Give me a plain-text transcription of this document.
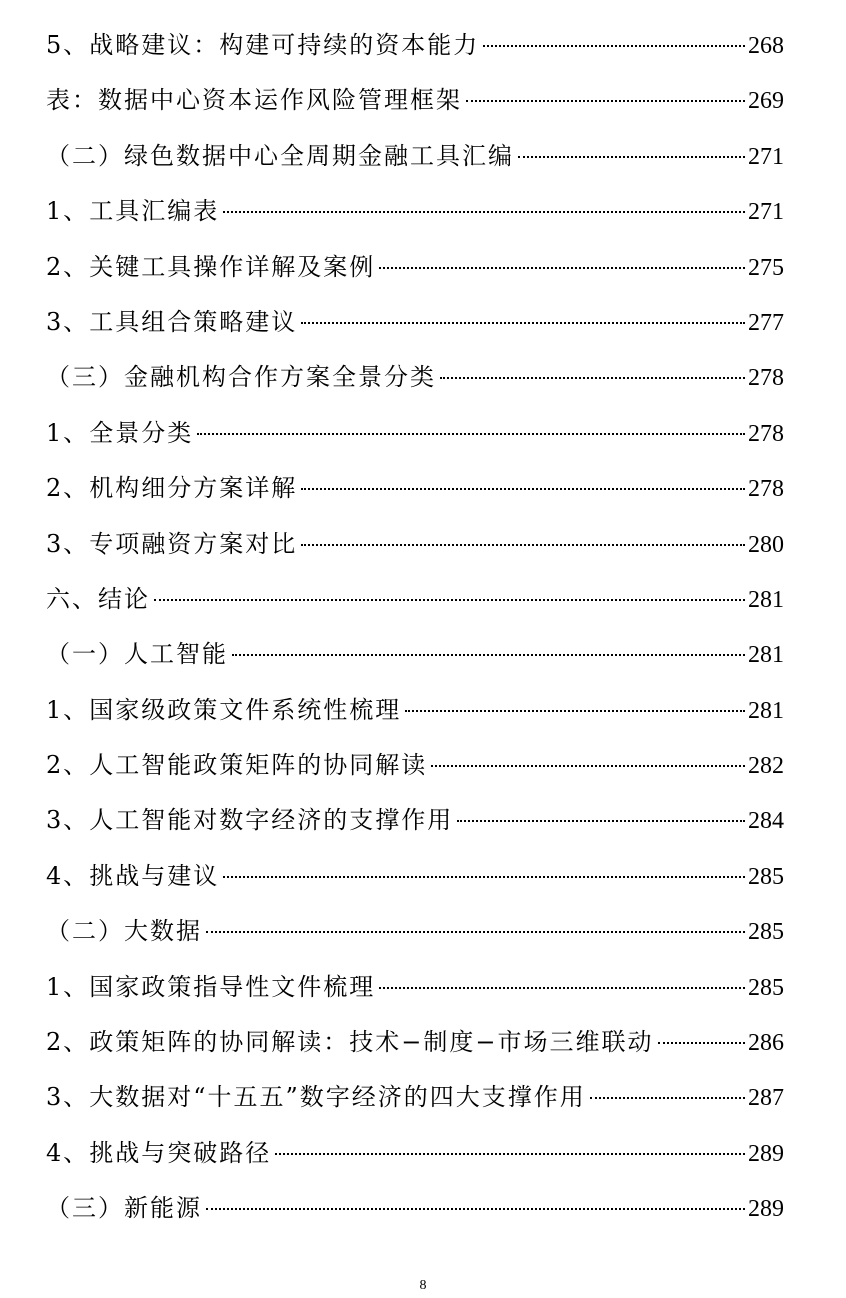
5、战略建议：构建可持续的资本能力	268
表：数据中心资本运作风险管理框架	269
（二）绿色数据中心全周期金融工具汇编	271
1、工具汇编表	271
2、关键工具操作详解及案例	275
3、工具组合策略建议	277
（三）金融机构合作方案全景分类	278
1、全景分类	278
2、机构细分方案详解	278
3、专项融资方案对比	280
六、结论	281
（一）人工智能	281
1、国家级政策文件系统性梳理	281
2、人工智能政策矩阵的协同解读	282
3、人工智能对数字经济的支撑作用	284
4、挑战与建议	285
（二）大数据	285
1、国家政策指导性文件梳理	285
2、政策矩阵的协同解读：技术−制度−市场三维联动	286
3、大数据对“十五五”数字经济的四大支撑作用	287
4、挑战与突破路径	289
（三）新能源	289
8
